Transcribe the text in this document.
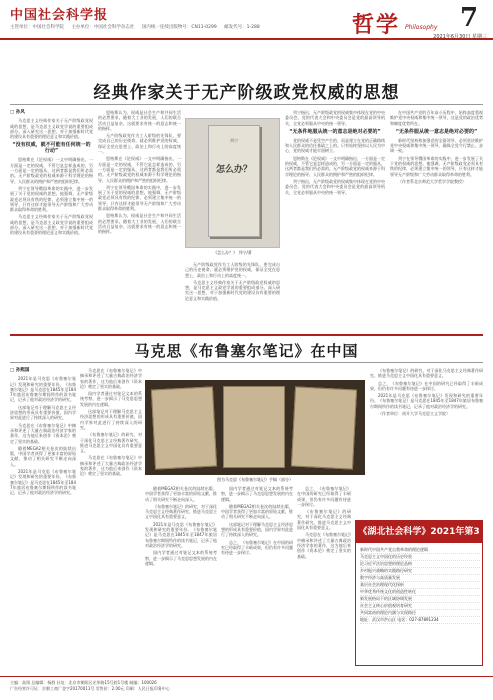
中国社会科学报
主管单位：中国社会科学院 主办单位：中国社会科学杂志社 国内统一连续出版物号：CN11-0299 邮发代号：1-288	哲学 Philosophy 7
2021年6月30日 星期三
经典作家关于无产阶级政党权威的思想
□ 孙风

马克思主义经典作家关于无产阶级政党权威的思想，是马克思主义政党学说的重要组成部分。深入研究这一思想，对于加强新时代党的建设具有重要的理论意义和实践价值。

“没有权威，就不可能有任何统一的行动”

恩格斯在《论权威》一文中明确指出，一方面是一定的权威，不管它是怎样造成的，另一方面是一定的服从，这两者都是我们所必需的。无产阶级政党的权威来源于科学理论的指导、人民群众的拥护和严密的组织纪律。

列宁在领导俄国革命的实践中，进一步发展了关于党的权威的思想。他强调，无产阶级政党必须具有铁的纪律，必须建立集中统一的领导，只有这样才能领导无产阶级和广大劳动群众取得革命的胜利。

马克思主义经典作家关于无产阶级政党权威的思想，是马克思主义政党学说的重要组成部分。深入研究这一思想，对于加强新时代党的建设具有重要的理论意义和实践价值。

恩格斯认为，权威是社会生产和共同生活的必然要求。随着大工业的发展，人们的联合活动日益复杂，这就要求有统一的意志和统一的指挥。

无产阶级政党作为工人阶级的先锋队，要完成自己的历史使命，就必须维护党的权威，保证全党在思想上、政治上和行动上的高度统一。

恩格斯在《论权威》一文中明确指出，一方面是一定的权威，不管它是怎样造成的，另一方面是一定的服从，这两者都是我们所必需的。无产阶级政党的权威来源于科学理论的指导、人民群众的拥护和严密的组织纪律。

列宁在领导俄国革命的实践中，进一步发展了关于党的权威的思想。他强调，无产阶级政党必须具有铁的纪律，必须建立集中统一的领导，只有这样才能领导无产阶级和广大劳动群众取得革命的胜利。

恩格斯认为，权威是社会生产和共同生活的必然要求。随着大工业的发展，人们的联合活动日益复杂，这就要求有统一的意志和统一的指挥。

列宁
怎么办？
《怎么办？》 列宁/著

无产阶级政党作为工人阶级的先锋队，要完成自己的历史使命，就必须维护党的权威，保证全党在思想上、政治上和行动上的高度统一。

马克思主义经典作家关于无产阶级政党权威的思想，是马克思主义政党学说的重要组成部分。深入研究这一思想，对于加强新时代党的建设具有重要的理论意义和实践价值。

列宁指出，无产阶级政党的权威集中体现在党的中央委员会。党的代表大会和中央委员会是党的最高领导机关，全党必须服从中央的统一领导。

“无条件地服从统一的意志是绝对必要的”

党的权威不是凭空产生的，而是建立在党的正确路线和人民群众的信任基础之上的。只有始终坚持以人民为中心，党的权威才能牢固树立。

恩格斯在《论权威》一文中明确指出，一方面是一定的权威，不管它是怎样造成的，另一方面是一定的服从，这两者都是我们所必需的。无产阶级政党的权威来源于科学理论的指导、人民群众的拥护和严密的组织纪律。

列宁指出，无产阶级政党的权威集中体现在党的中央委员会。党的代表大会和中央委员会是党的最高领导机关，全党必须服从中央的统一领导。

在中国共产党的百年奋斗历程中，始终高度重视维护党中央权威和集中统一领导，这是党的政治优势和制度优势所在。

“无条件服从统一意志是绝对必要的”

新时代坚持和加强党的全面领导，必须坚决维护党中央权威和集中统一领导，确保全党令行禁止、步调一致。

列宁在领导俄国革命的实践中，进一步发展了关于党的权威的思想。他强调，无产阶级政党必须具有铁的纪律，必须建立集中统一的领导，只有这样才能领导无产阶级和广大劳动群众取得革命的胜利。

（作者系北京师范大学哲学学院教授）

马克思《布鲁塞尔笔记》在中国
□ 孙熙国

2021年是马克思《布鲁塞尔笔记》发现和研究的重要年份。《布鲁塞尔笔记》是马克思在1845年至1847年旅居布鲁塞尔期间所作的读书笔记，记录了他对政治经济学的研究。

这部笔记对于理解马克思主义经济思想的形成具有重要价值，国内学界对此进行了持续深入的研究。

马克思在《布鲁塞尔笔记》中摘录和评述了大量古典政治经济学家的著作，这为他后来创作《资本论》奠定了坚实的基础。

随着MEGA2相关卷次的陆续出版，中国学者获得了更加丰富的原始文献，推动了相关研究不断走向深入。

2021年是马克思《布鲁塞尔笔记》发现和研究的重要年份。《布鲁塞尔笔记》是马克思在1845年至1847年旅居布鲁塞尔期间所作的读书笔记，记录了他对政治经济学的研究。

马克思在《布鲁塞尔笔记》中摘录和评述了大量古典政治经济学家的著作，这为他后来创作《资本论》奠定了坚实的基础。

国内学者通过对笔记文本的系统考察，进一步揭示了马克思思想发展的内在逻辑。

这部笔记对于理解马克思主义经济思想的形成具有重要价值，国内学界对此进行了持续深入的研究。

《布鲁塞尔笔记》的研究，对于深化马克思主义经典著作研究、推进马克思主义中国化具有重要意义。

马克思在《布鲁塞尔笔记》中摘录和评述了大量古典政治经济学家的著作，这为他后来创作《资本论》奠定了坚实的基础。

图为马克思《布鲁塞尔笔记》手稿（部分）

随着MEGA2相关卷次的陆续出版，中国学者获得了更加丰富的原始文献，推动了相关研究不断走向深入。

《布鲁塞尔笔记》的研究，对于深化马克思主义经典著作研究、推进马克思主义中国化具有重要意义。

2021年是马克思《布鲁塞尔笔记》发现和研究的重要年份。《布鲁塞尔笔记》是马克思在1845年至1847年旅居布鲁塞尔期间所作的读书笔记，记录了他对政治经济学的研究。

国内学者通过对笔记文本的系统考察，进一步揭示了马克思思想发展的内在逻辑。

国内学者通过对笔记文本的系统考察，进一步揭示了马克思思想发展的内在逻辑。

随着MEGA2相关卷次的陆续出版，中国学者获得了更加丰富的原始文献，推动了相关研究不断走向深入。

这部笔记对于理解马克思主义经济思想的形成具有重要价值，国内学界对此进行了持续深入的研究。

总之，《布鲁塞尔笔记》在中国的研究已经取得了丰硕成果，但仍有许多问题有待进一步探讨。

总之，《布鲁塞尔笔记》在中国的研究已经取得了丰硕成果，但仍有许多问题有待进一步探讨。

《布鲁塞尔笔记》的研究，对于深化马克思主义经典著作研究、推进马克思主义中国化具有重要意义。

马克思在《布鲁塞尔笔记》中摘录和评述了大量古典政治经济学家的著作，这为他后来创作《资本论》奠定了坚实的基础。

《布鲁塞尔笔记》的研究，对于深化马克思主义经典著作研究、推进马克思主义中国化具有重要意义。

总之，《布鲁塞尔笔记》在中国的研究已经取得了丰硕成果，但仍有许多问题有待进一步探讨。

2021年是马克思《布鲁塞尔笔记》发现和研究的重要年份。《布鲁塞尔笔记》是马克思在1845年至1847年旅居布鲁塞尔期间所作的读书笔记，记录了他对政治经济学的研究。

（作者单位：南开大学马克思主义学院）

《湖北社会科学》2021年第3期目录
新时代中国共产党自我革命的理论逻辑
马克思主义中国化的历史经验
论习近平法治思想的理论品格
乡村振兴战略的实践路径研究
数字经济与高质量发展
基层社会治理现代化探析
中华优秀传统文化的创造性转化
新发展格局下的区域协调发展
社会主义核心价值观培育研究
共同富裕的理论内涵与实现路径
地址：武汉市洪山区 电话：027-87891234
主编：高翔 总编辑：杨群 社址：北京市朝阳区光华路15号院1号楼 邮编：100026
广告经营许可证：京朝工商广登字20170011号 零售价：2.00元 印刷：人民日报印务中心
